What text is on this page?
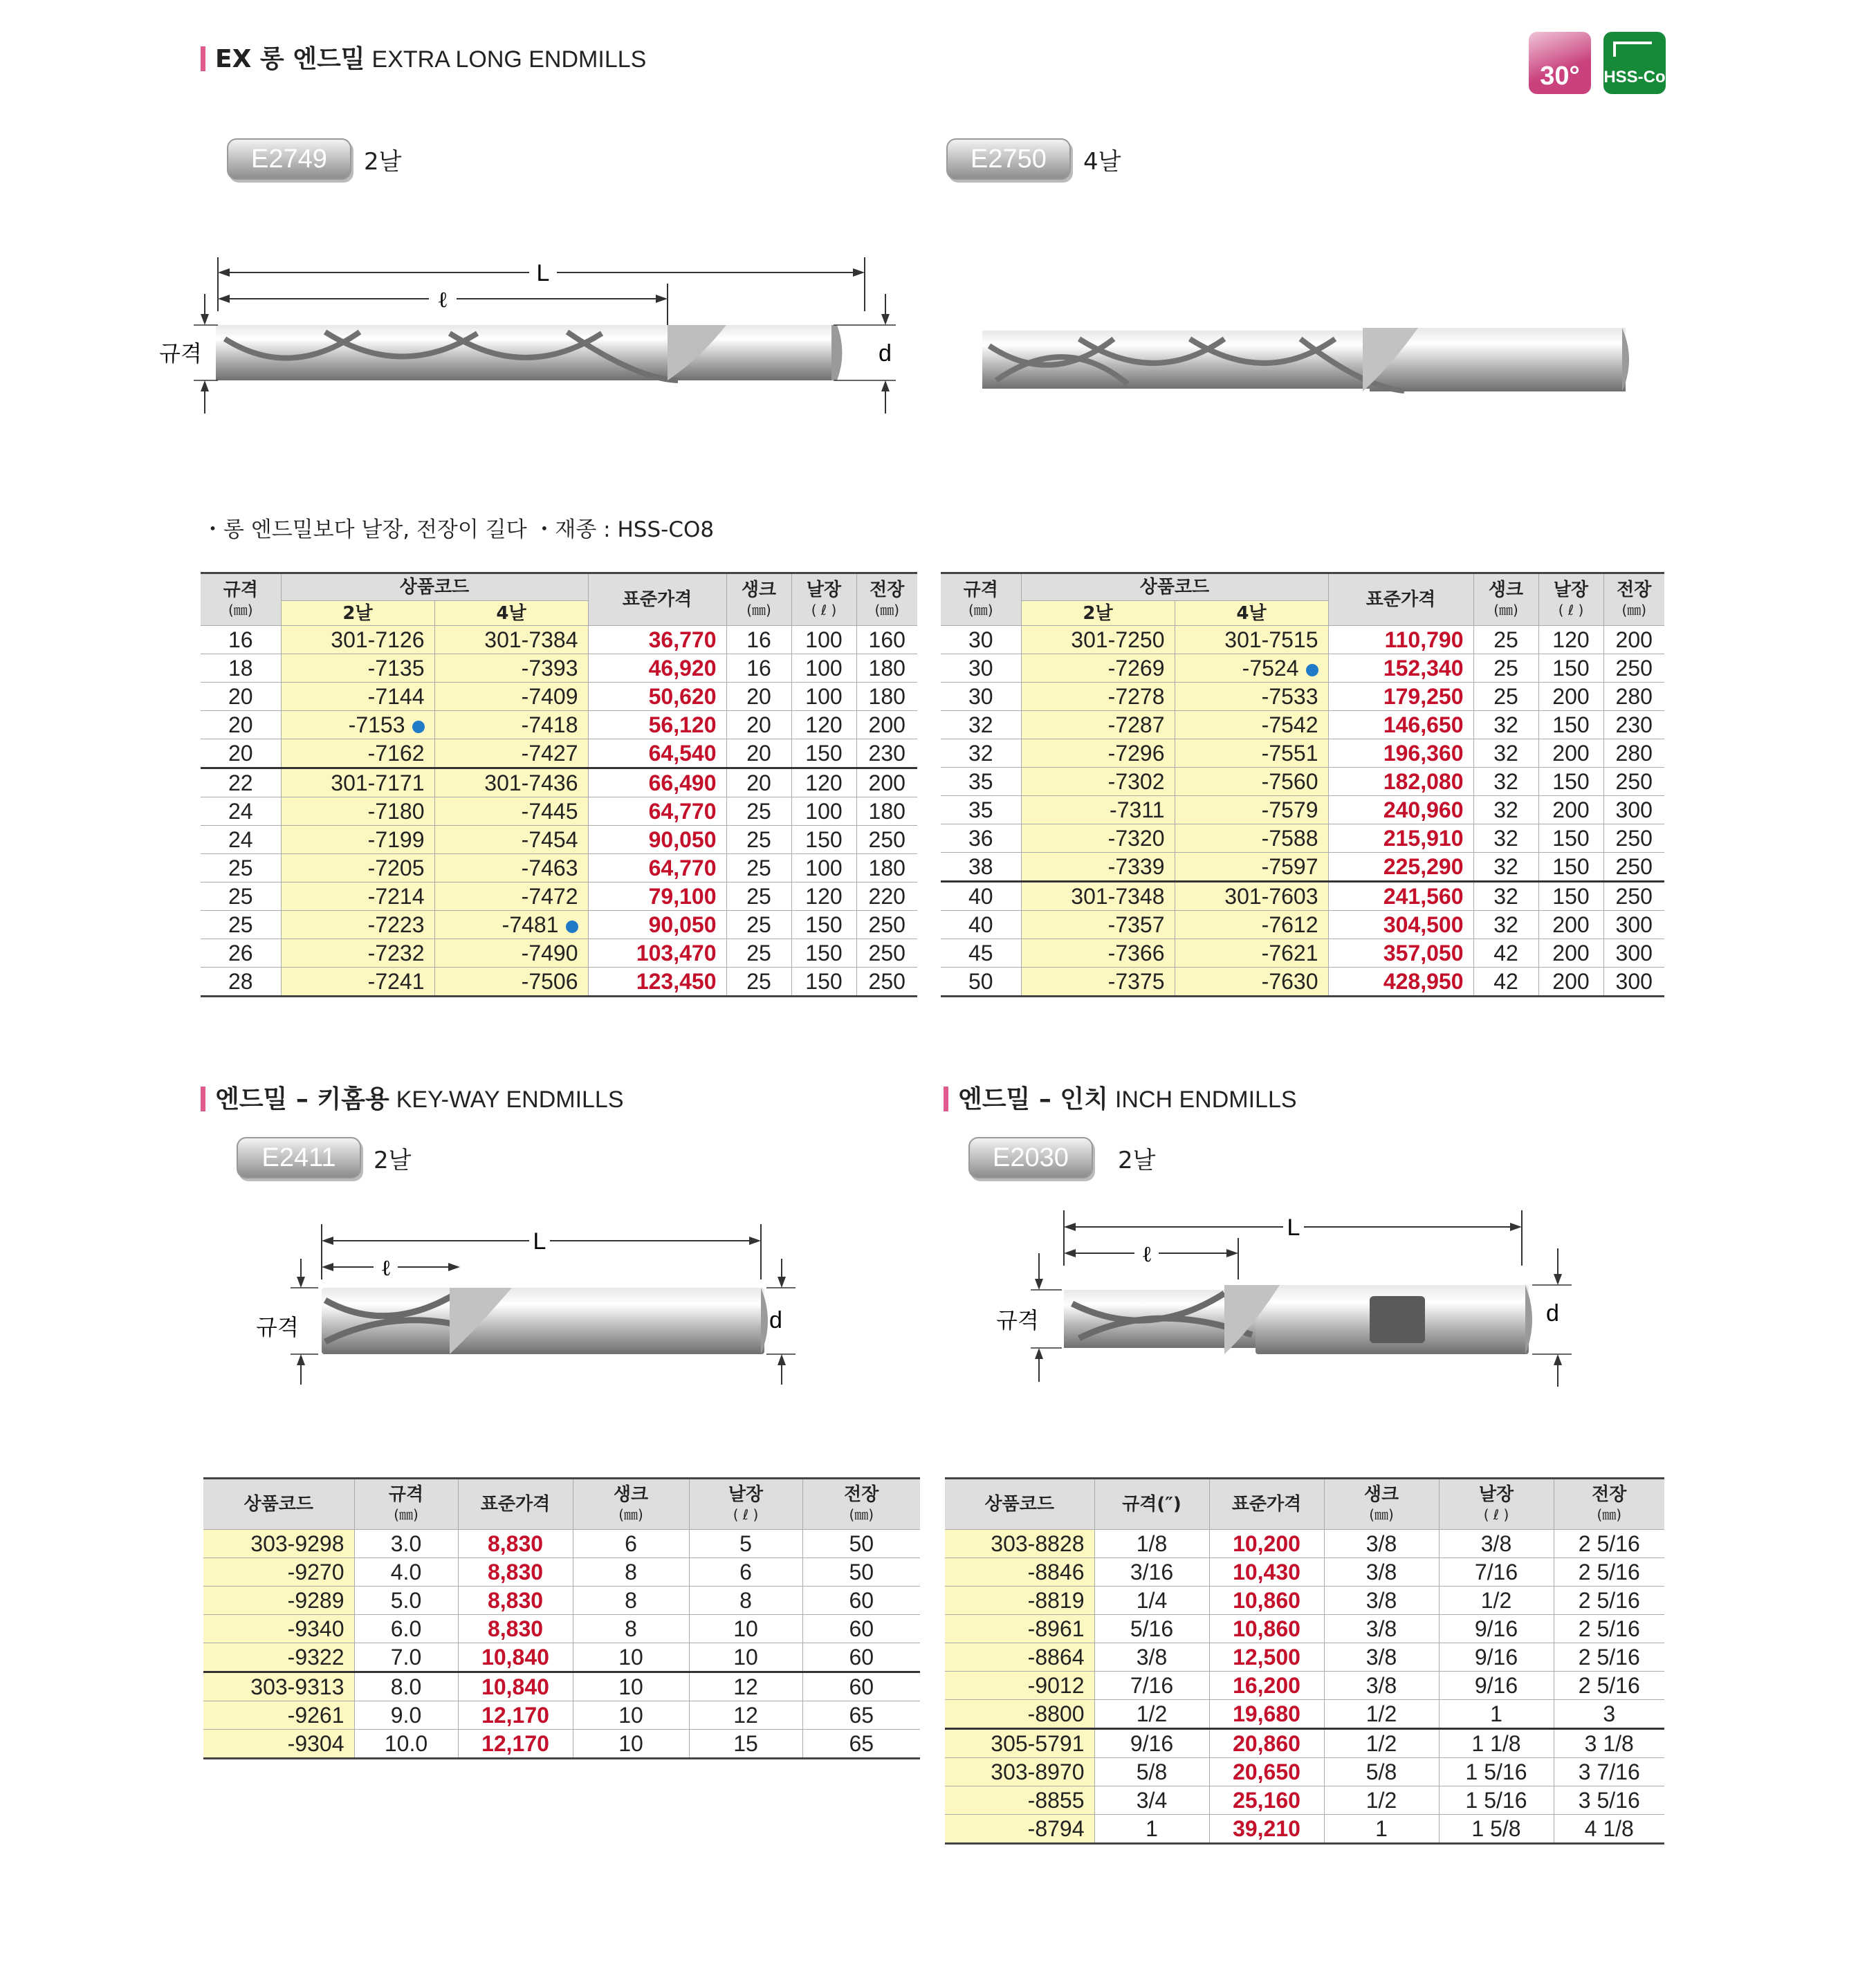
30°	HSS-Co
EX 롱 엔드밀 EXTRA LONG ENDMILLS
E2749	2날	E2750	4날
L
ℓ
규격	d
・롱 엔드밀보다 날장, 전장이 길다 ・재종 : HSS-CO8
규격
(㎜)	상품코드		표준가격	생크
(㎜)	날장
( ℓ )	전장
(㎜)
	2날	4날				
16	301-7126	301-7384	36,770	16	100	160
18	-7135	-7393	46,920	16	100	180
20	-7144	-7409	50,620	20	100	180
20	-7153	-7418	56,120	20	120	200
20	-7162	-7427	64,540	20	150	230
22	301-7171	301-7436	66,490	20	120	200
24	-7180	-7445	64,770	25	100	180
24	-7199	-7454	90,050	25	150	250
25	-7205	-7463	64,770	25	100	180
25	-7214	-7472	79,100	25	120	220
25	-7223	-7481	90,050	25	150	250
26	-7232	-7490	103,470	25	150	250
28	-7241	-7506	123,450	25	150	250
규격
(㎜)	상품코드		표준가격	생크
(㎜)	날장
( ℓ )	전장
(㎜)
	2날	4날				
30	301-7250	301-7515	110,790	25	120	200
30	-7269	-7524	152,340	25	150	250
30	-7278	-7533	179,250	25	200	280
32	-7287	-7542	146,650	32	150	230
32	-7296	-7551	196,360	32	200	280
35	-7302	-7560	182,080	32	150	250
35	-7311	-7579	240,960	32	200	300
36	-7320	-7588	215,910	32	150	250
38	-7339	-7597	225,290	32	150	250
40	301-7348	301-7603	241,560	32	150	250
40	-7357	-7612	304,500	32	200	300
45	-7366	-7621	357,050	42	200	300
50	-7375	-7630	428,950	42	200	300
엔드밀 – 키홈용 KEY-WAY ENDMILLS
E2411	2날
L
ℓ
규격	d
상품코드	규격
(㎜)	표준가격	생크
(㎜)	날장
( ℓ )	전장
(㎜)
303-9298	3.0	8,830	6	5	50
-9270	4.0	8,830	8	6	50
-9289	5.0	8,830	8	8	60
-9340	6.0	8,830	8	10	60
-9322	7.0	10,840	10	10	60
303-9313	8.0	10,840	10	12	60
-9261	9.0	12,170	10	12	65
-9304	10.0	12,170	10	15	65
엔드밀 – 인치 INCH ENDMILLS
E2030	2날
L
ℓ
규격	d
상품코드	규격(″)	표준가격	생크
(㎜)	날장
( ℓ )	전장
(㎜)
303-8828	1/8	10,200	3/8	3/8	2 5/16
-8846	3/16	10,430	3/8	7/16	2 5/16
-8819	1/4	10,860	3/8	1/2	2 5/16
-8961	5/16	10,860	3/8	9/16	2 5/16
-8864	3/8	12,500	3/8	9/16	2 5/16
-9012	7/16	16,200	3/8	9/16	2 5/16
-8800	1/2	19,680	1/2	1	3
305-5791	9/16	20,860	1/2	1 1/8	3 1/8
303-8970	5/8	20,650	5/8	1 5/16	3 7/16
-8855	3/4	25,160	1/2	1 5/16	3 5/16
-8794	1	39,210	1	1 5/8	4 1/8
